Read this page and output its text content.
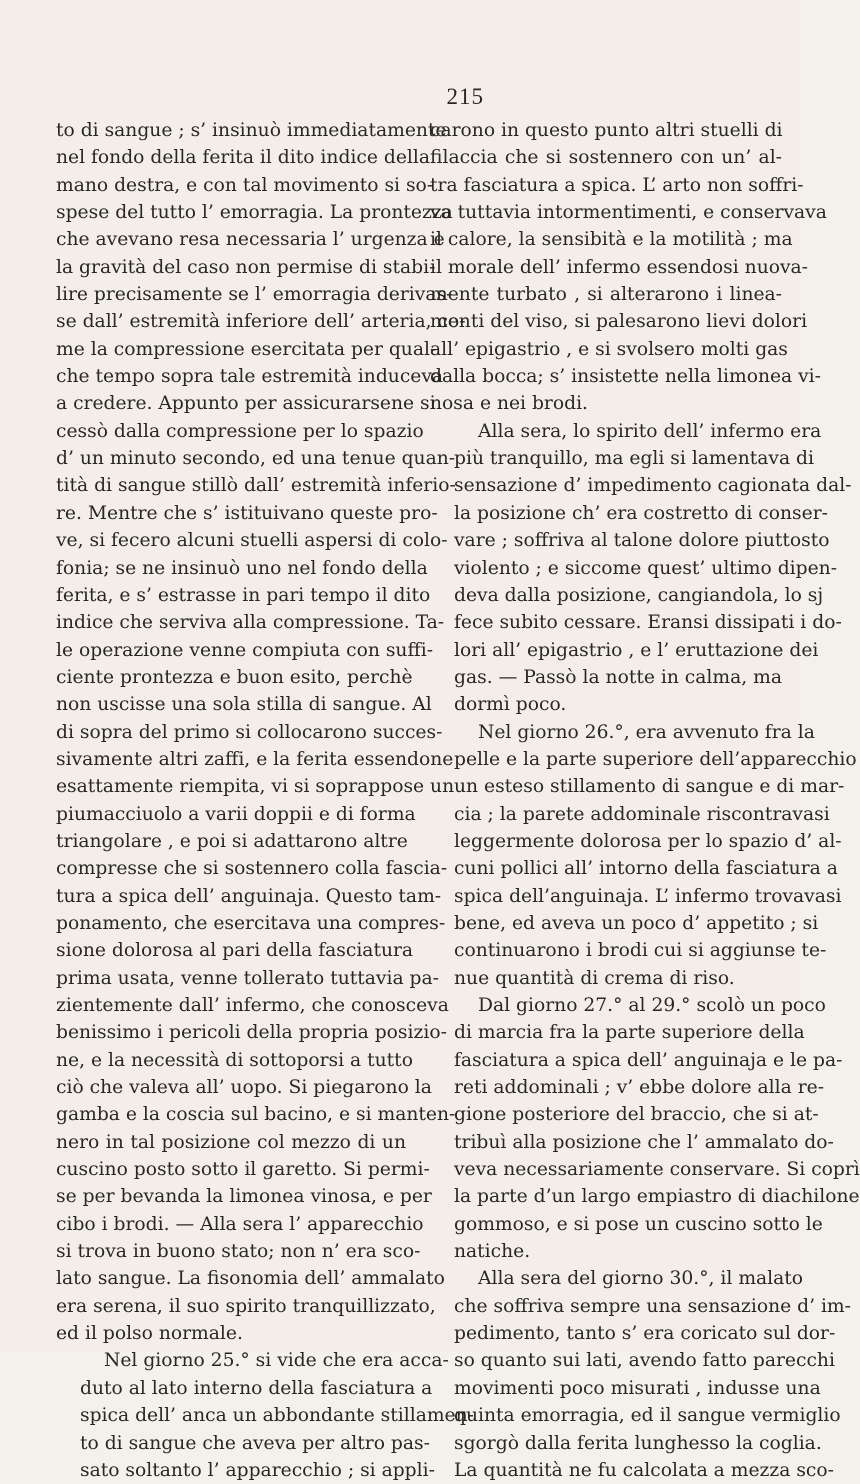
215
to di sangue ; s’ insinuò immediatamente
nel fondo della ferita il dito indice della
mano destra, e con tal movimento si so-
spese del tutto l’ emorragia. La prontezza
che avevano resa necessaria l’ urgenza e
la gravità del caso non permise di stabi-
lire precisamente se l’ emorragia derivas-
se dall’ estremità inferiore dell’ arteria, co-
me la compressione esercitata per qual-
che tempo sopra tale estremità induceva
a credere. Appunto per assicurarsene si
cessò dalla compressione per lo spazio
d’ un minuto secondo, ed una tenue quan-
tità di sangue stillò dall’ estremità inferio-
re. Mentre che s’ istituivano queste pro-
ve, si fecero alcuni stuelli aspersi di colo-
fonia; se ne insinuò uno nel fondo della
ferita, e s’ estrasse in pari tempo il dito
indice che serviva alla compressione. Ta-
le operazione venne compiuta con suffi-
ciente prontezza e buon esito, perchè
non uscisse una sola stilla di sangue. Al
di sopra del primo si collocarono succes-
sivamente altri zaffi, e la ferita essendone
esattamente riempita, vi si soprappose un
piumacciuolo a varii doppii e di forma
triangolare , e poi si adattarono altre
compresse che si sostennero colla fascia-
tura a spica dell’ anguinaja. Questo tam-
ponamento, che esercitava una compres-
sione dolorosa al pari della fasciatura
prima usata, venne tollerato tuttavia pa-
zientemente dall’ infermo, che conosceva
benissimo i pericoli della propria posizio-
ne, e la necessità di sottoporsi a tutto
ciò che valeva all’ uopo. Si piegarono la
gamba e la coscia sul bacino, e si manten-
nero in tal posizione col mezzo di un
cuscino posto sotto il garetto. Si permi-
se per bevanda la limonea vinosa, e per
cibo i brodi. — Alla sera l’ apparecchio
si trova in buono stato; non n’ era sco-
lato sangue. La fisonomia dell’ ammalato
era serena, il suo spirito tranquillizzato,
ed il polso normale.
Nel giorno 25.° si vide che era acca-
duto al lato interno della fasciatura a
spica dell’ anca un abbondante stillamen-
to di sangue che aveva per altro pas-
sato soltanto l’ apparecchio ; si appli-
carono in questo punto altri stuelli di
filaccia che si sostennero con un’ al-
tra fasciatura a spica. L’ arto non soffri-
va tuttavia intormentimenti, e conservava
il calore, la sensibità e la motilità ; ma
il morale dell’ infermo essendosi nuova-
mente turbato , si alterarono i linea-
menti del viso, si palesarono lievi dolori
all’ epigastrio , e si svolsero molti gas
dalla bocca; s’ insistette nella limonea vi-
nosa e nei brodi.
Alla sera, lo spirito dell’ infermo era
più tranquillo, ma egli si lamentava di
sensazione d’ impedimento cagionata dal-
la posizione ch’ era costretto di conser-
vare ; soffriva al talone dolore piuttosto
violento ; e siccome quest’ ultimo dipen-
deva dalla posizione, cangiandola, lo sj
fece subito cessare. Eransi dissipati i do-
lori all’ epigastrio , e l’ eruttazione dei
gas. — Passò la notte in calma, ma
dormì poco.
Nel giorno 26.°, era avvenuto fra la
pelle e la parte superiore dell’apparecchio
un esteso stillamento di sangue e di mar-
cia ; la parete addominale riscontravasi
leggermente dolorosa per lo spazio d’ al-
cuni pollici all’ intorno della fasciatura a
spica dell’anguinaja. L’ infermo trovavasi
bene, ed aveva un poco d’ appetito ; si
continuarono i brodi cui si aggiunse te-
nue quantità di crema di riso.
Dal giorno 27.° al 29.° scolò un poco
di marcia fra la parte superiore della
fasciatura a spica dell’ anguinaja e le pa-
reti addominali ; v’ ebbe dolore alla re-
gione posteriore del braccio, che si at-
tribuì alla posizione che l’ ammalato do-
veva necessariamente conservare. Si coprì
la parte d’un largo empiastro di diachilone
gommoso, e si pose un cuscino sotto le
natiche.
Alla sera del giorno 30.°, il malato
che soffriva sempre una sensazione d’ im-
pedimento, tanto s’ era coricato sul dor-
so quanto sui lati, avendo fatto parecchi
movimenti poco misurati , indusse una
quinta emorragia, ed il sangue vermiglio
sgorgò dalla ferita lunghesso la coglia.
La quantità ne fu calcolata a mezza sco-
